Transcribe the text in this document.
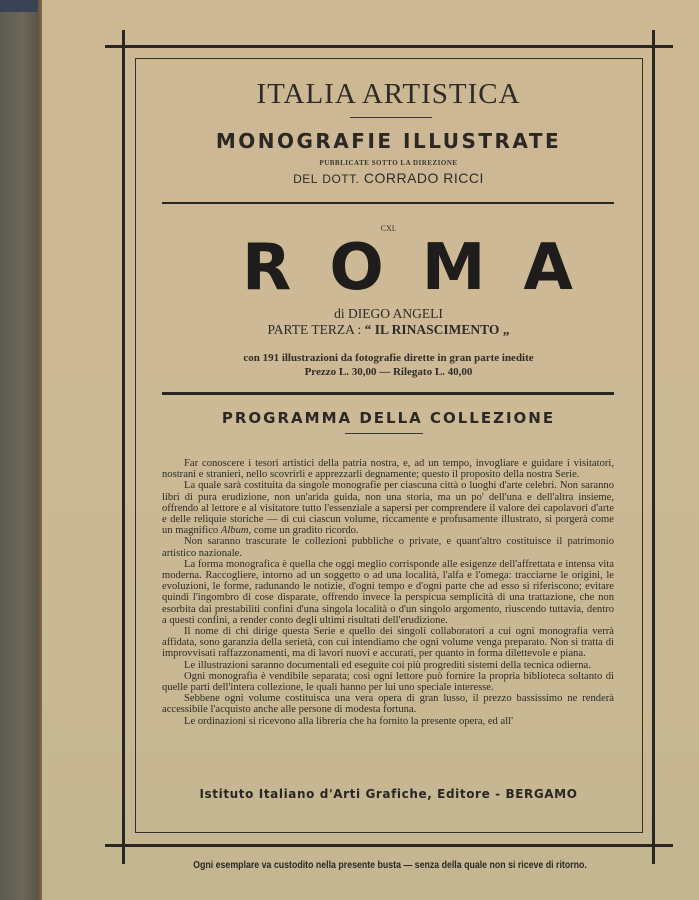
ITALIA ARTISTICA
MONOGRAFIE ILLUSTRATE
PUBBLICATE SOTTO LA DIREZIONE
DEL DOTT. CORRADO RICCI
CXI.
ROMA
di DIEGO ANGELI
PARTE TERZA : “ IL RINASCIMENTO „
con 191 illustrazioni da fotografie dirette in gran parte inedite
Prezzo L. 30,00 — Rilegato L. 40,00
PROGRAMMA DELLA COLLEZIONE

Far conoscere i tesori artistici della patria nostra, e, ad un tempo, invogliare e guidare i visitatori, nostrani e stranieri, nello scovrirli e apprezzarli degnamente; questo il proposito della nostra Serie.

La quale sarà costituita da singole monografie per ciascuna città o luoghi d'arte celebri. Non saranno libri di pura erudizione, non un'arida guida, non una storia, ma un po' dell'una e dell'altra insieme, offrendo al lettore e al visitatore tutto l'essenziale a sapersi per comprendere il valore dei capolavori d'arte e delle reliquie storiche — di cui ciascun volume, riccamente e profusamente illustrato, si porgerà come un magnifico Album, come un gradito ricordo.

Non saranno trascurate le collezioni pubbliche o private, e quant'altro costituisce il patrimonio artistico nazionale.

La forma monografica è quella che oggi meglio corrisponde alle esigenze dell'affrettata e intensa vita moderna. Raccogliere, intorno ad un soggetto o ad una località, l'alfa e l'omega: tracciarne le origini, le evoluzioni, le forme, radunando le notizie, d'ogni tempo e d'ogni parte che ad esso si riferiscono; evitare quindi l'ingombro di cose disparate, offrendo invece la perspicua semplicità di una trattazione, che non esorbita dai prestabiliti confini d'una singola località o d'un singolo argomento, riuscendo tuttavia, dentro a questi confini, a render conto degli ultimi risultati dell'erudizione.

Il nome di chi dirige questa Serie e quello dei singoli collaboratori a cui ogni monografia verrà affidata, sono garanzia della serietà, con cui intendiamo che ogni volume venga preparato. Non si tratta di improvvisati raffazzonamenti, ma di lavori nuovi e accurati, per quanto in forma dilettevole e piana.

Le illustrazioni saranno documentali ed eseguite coi più progrediti sistemi della tecnica odierna.

Ogni monografia è vendibile separata; così ogni lettore può fornire la propria biblioteca soltanto di quelle parti dell'intera collezione, le quali hanno per lui uno speciale interesse.

Sebbene ogni volume costituisca una vera opera di gran lusso, il prezzo bassissimo ne renderà accessibile l'acquisto anche alle persone di modesta fortuna.

Le ordinazioni si ricevono alla libreria che ha fornito la presente opera, ed all'

Istituto Italiano d'Arti Grafiche, Editore - BERGAMO
Ogni esemplare va custodito nella presente busta — senza della quale non si riceve di ritorno.
